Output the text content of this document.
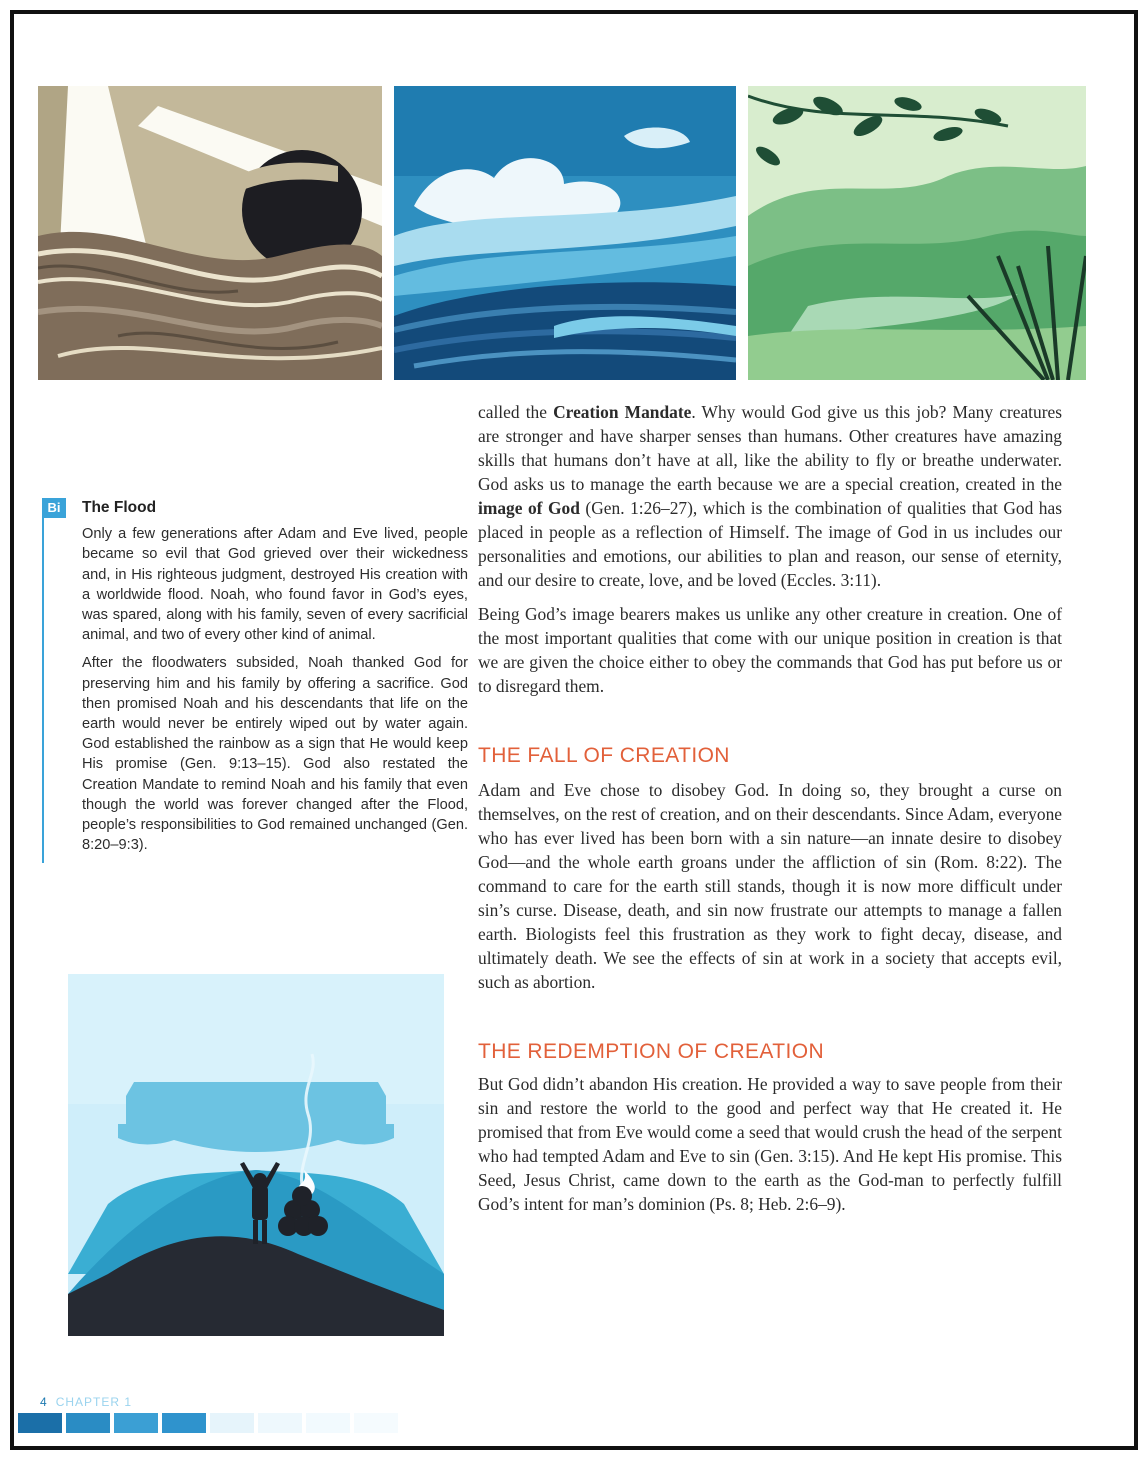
Bi	The Flood

Only a few generations after Adam and Eve lived, people became so evil that God grieved over their wickedness and, in His righteous judgment, destroyed His creation with a worldwide flood. Noah, who found favor in God’s eyes, was spared, along with his family, seven of every sacrificial animal, and two of every other kind of animal.

After the floodwaters subsided, Noah thanked God for preserving him and his family by offering a sacrifice. God then promised Noah and his descendants that life on the earth would never be entirely wiped out by water again. God established the rainbow as a sign that He would keep His promise (Gen. 9:13–15). God also restated the Creation Mandate to remind Noah and his family that even though the world was forever changed after the Flood, people’s responsibilities to God remained unchanged (Gen. 8:20–9:3).

called the Creation Mandate. Why would God give us this job? Many creatures are stronger and have sharper senses than humans. Other creatures have amazing skills that humans don’t have at all, like the ability to fly or breathe underwater. God asks us to manage the earth because we are a special creation, created in the image of God (Gen. 1:26–27), which is the combination of qualities that God has placed in people as a reflection of Himself. The image of God in us includes our personalities and emotions, our abilities to plan and reason, our sense of eternity, and our desire to create, love, and be loved (Eccles. 3:11).

Being God’s image bearers makes us unlike any other creature in creation. One of the most important qualities that come with our unique position in creation is that we are given the choice either to obey the commands that God has put before us or to disregard them.

THE FALL OF CREATION

Adam and Eve chose to disobey God. In doing so, they brought a curse on themselves, on the rest of creation, and on their descendants. Since Adam, everyone who has ever lived has been born with a sin nature—an innate desire to disobey God—and the whole earth groans under the affliction of sin (Rom. 8:22). The command to care for the earth still stands, though it is now more difficult under sin’s curse. Disease, death, and sin now frustrate our attempts to manage a fallen earth. Biologists feel this frustration as they work to fight decay, disease, and ultimately death. We see the effects of sin at work in a society that accepts evil, such as abortion.

THE REDEMPTION OF CREATION

But God didn’t abandon His creation. He provided a way to save people from their sin and restore the world to the good and perfect way that He created it. He promised that from Eve would come a seed that would crush the head of the serpent who had tempted Adam and Eve to sin (Gen. 3:15). And He kept His promise. This Seed, Jesus Christ, came down to the earth as the God-man to perfectly fulfill God’s intent for man’s dominion (Ps. 8; Heb. 2:6–9).

4 CHAPTER 1
